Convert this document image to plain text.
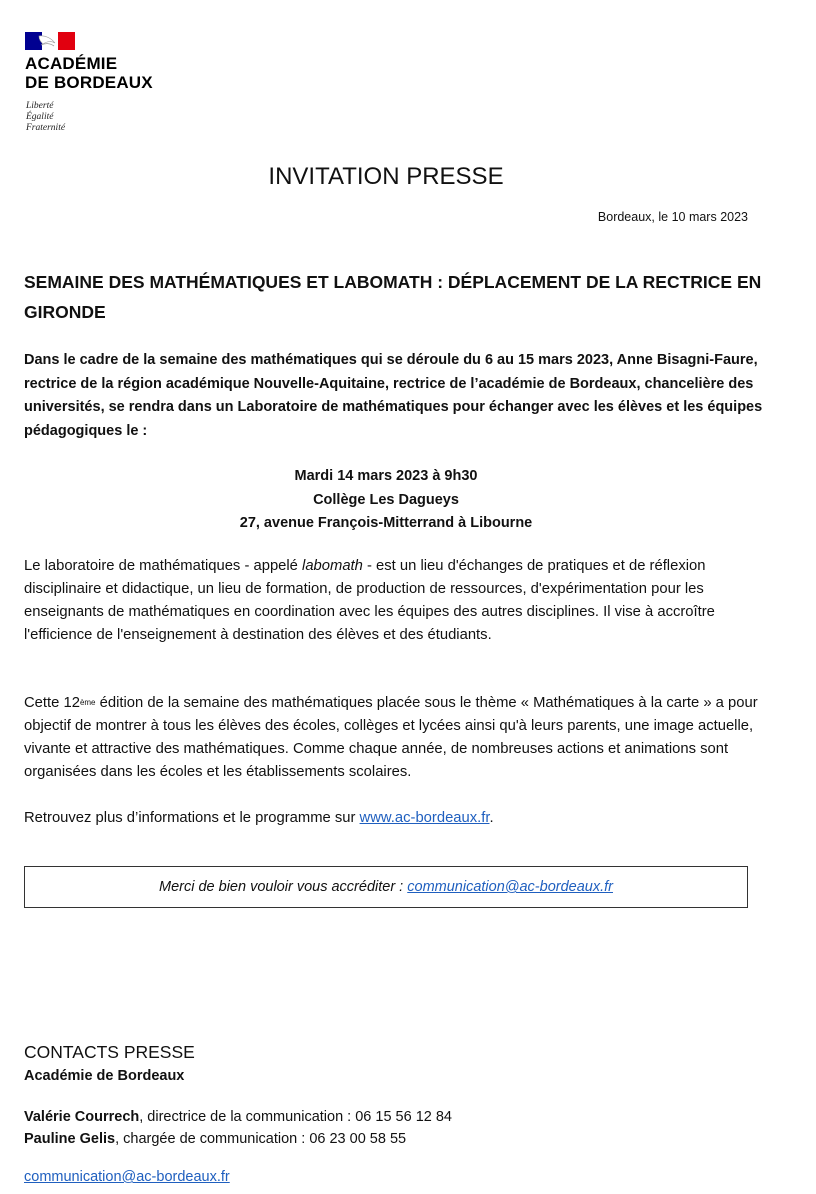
ACADÉMIE
DE BORDEAUX
Liberté
Égalité
Fraternité
INVITATION PRESSE
Bordeaux, le 10 mars 2023
SEMAINE DES MATHÉMATIQUES ET LABOMATH : DÉPLACEMENT DE LA RECTRICE EN GIRONDE
Dans le cadre de la semaine des mathématiques qui se déroule du 6 au 15 mars 2023, Anne Bisagni-Faure, rectrice de la région académique Nouvelle-Aquitaine, rectrice de l’académie de Bordeaux, chancelière des universités, se rendra dans un Laboratoire de mathématiques pour échanger avec les élèves et les équipes pédagogiques le :
Mardi 14 mars 2023 à 9h30
Collège Les Dagueys
27, avenue François-Mitterrand à Libourne
Le laboratoire de mathématiques - appelé labomath - est un lieu d'échanges de pratiques et de réflexion disciplinaire et didactique, un lieu de formation, de production de ressources, d'expérimentation pour les enseignants de mathématiques en coordination avec les équipes des autres disciplines. Il vise à accroître l'efficience de l'enseignement à destination des élèves et des étudiants.
Cette 12ème édition de la semaine des mathématiques placée sous le thème « Mathématiques à la carte » a pour objectif de montrer à tous les élèves des écoles, collèges et lycées ainsi qu'à leurs parents, une image actuelle, vivante et attractive des mathématiques. Comme chaque année, de nombreuses actions et animations sont organisées dans les écoles et les établissements scolaires.
Retrouvez plus d’informations et le programme sur www.ac-bordeaux.fr.
Merci de bien vouloir vous accréditer : communication@ac-bordeaux.fr
CONTACTS PRESSE
Académie de Bordeaux
Valérie Courrech, directrice de la communication : 06 15 56 12 84
Pauline Gelis, chargée de communication : 06 23 00 58 55
communication@ac-bordeaux.fr
